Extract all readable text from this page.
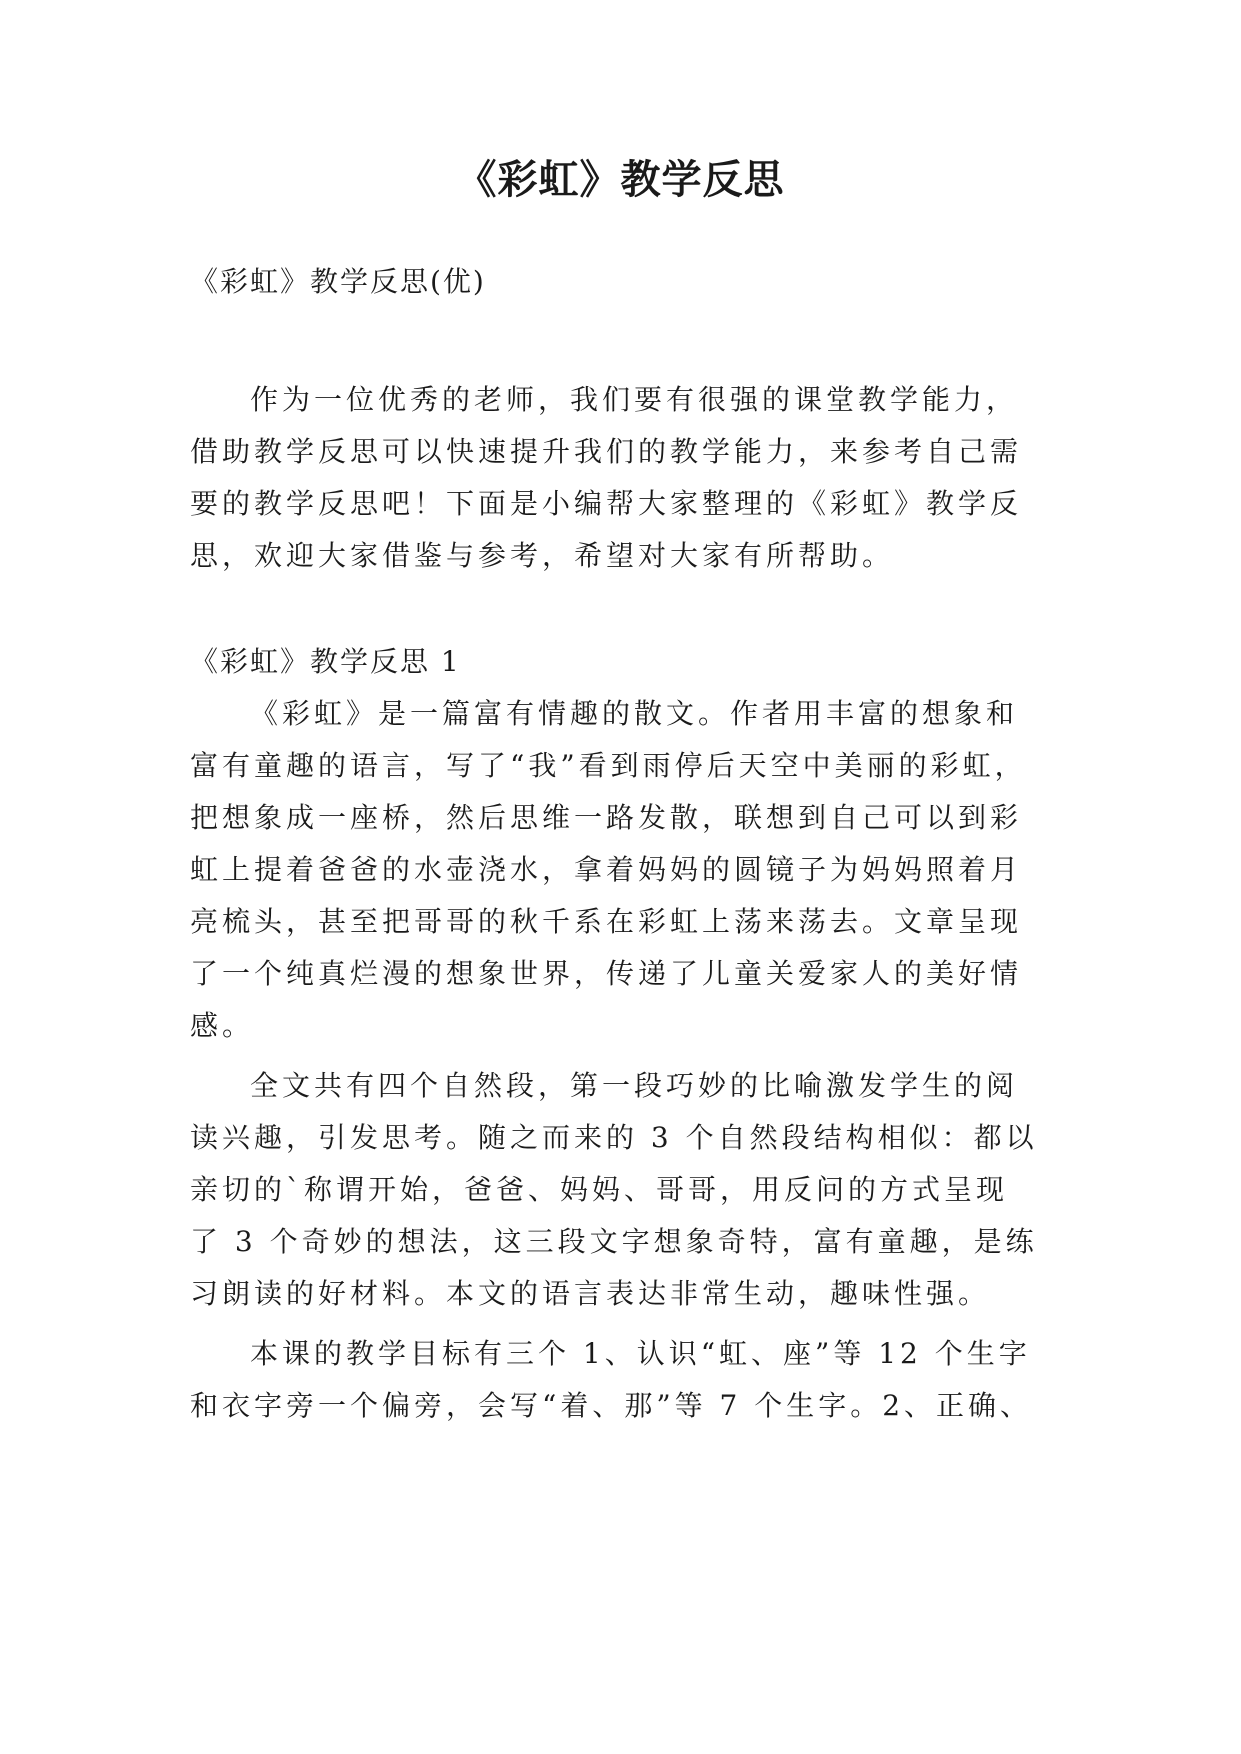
《彩虹》教学反思
《彩虹》教学反思(优)
作为一位优秀的老师，我们要有很强的课堂教学能力，
借助教学反思可以快速提升我们的教学能力，来参考自己需
要的教学反思吧！下面是小编帮大家整理的《彩虹》教学反
思，欢迎大家借鉴与参考，希望对大家有所帮助。
《彩虹》教学反思 1
《彩虹》是一篇富有情趣的散文。作者用丰富的想象和
富有童趣的语言，写了“我”看到雨停后天空中美丽的彩虹，
把想象成一座桥，然后思维一路发散，联想到自己可以到彩
虹上提着爸爸的水壶浇水，拿着妈妈的圆镜子为妈妈照着月
亮梳头，甚至把哥哥的秋千系在彩虹上荡来荡去。文章呈现
了一个纯真烂漫的想象世界，传递了儿童关爱家人的美好情
感。
全文共有四个自然段，第一段巧妙的比喻激发学生的阅
读兴趣，引发思考。随之而来的 3 个自然段结构相似：都以
亲切的`称谓开始，爸爸、妈妈、哥哥，用反问的方式呈现
了 3 个奇妙的想法，这三段文字想象奇特，富有童趣，是练
习朗读的好材料。本文的语言表达非常生动，趣味性强。
本课的教学目标有三个 1、认识“虹、座”等 12 个生字
和衣字旁一个偏旁，会写“着、那”等 7 个生字。2、正确、
